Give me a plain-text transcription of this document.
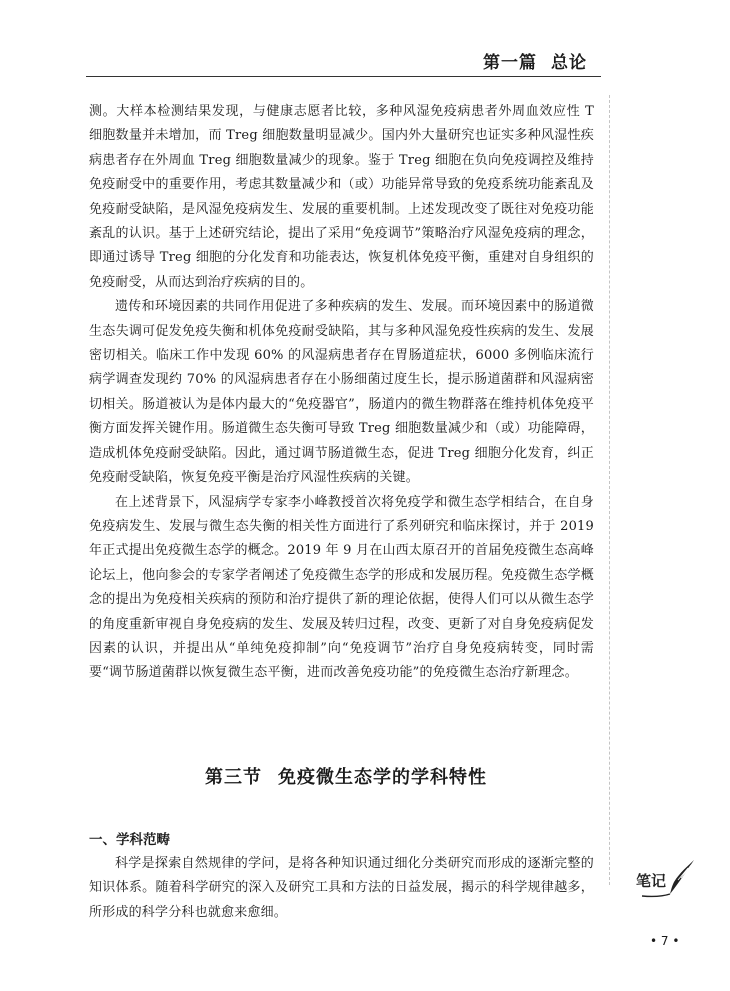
第一篇 总论

测。大样本检测结果发现，与健康志愿者比较，多种风湿免疫病患者外周血效应性 T 细胞数量并未增加，而 Treg 细胞数量明显减少。国内外大量研究也证实多种风湿性疾病患者存在外周血 Treg 细胞数量减少的现象。鉴于 Treg 细胞在负向免疫调控及维持免疫耐受中的重要作用，考虑其数量减少和（或）功能异常导致的免疫系统功能紊乱及免疫耐受缺陷，是风湿免疫病发生、发展的重要机制。上述发现改变了既往对免疫功能紊乱的认识。基于上述研究结论，提出了采用“免疫调节”策略治疗风湿免疫病的理念，即通过诱导 Treg 细胞的分化发育和功能表达，恢复机体免疫平衡，重建对自身组织的免疫耐受，从而达到治疗疾病的目的。

遗传和环境因素的共同作用促进了多种疾病的发生、发展。而环境因素中的肠道微生态失调可促发免疫失衡和机体免疫耐受缺陷，其与多种风湿免疫性疾病的发生、发展密切相关。临床工作中发现 60% 的风湿病患者存在胃肠道症状，6000 多例临床流行病学调查发现约 70% 的风湿病患者存在小肠细菌过度生长，提示肠道菌群和风湿病密切相关。肠道被认为是体内最大的“免疫器官”，肠道内的微生物群落在维持机体免疫平衡方面发挥关键作用。肠道微生态失衡可导致 Treg 细胞数量减少和（或）功能障碍，造成机体免疫耐受缺陷。因此，通过调节肠道微生态，促进 Treg 细胞分化发育，纠正免疫耐受缺陷，恢复免疫平衡是治疗风湿性疾病的关键。

在上述背景下，风湿病学专家李小峰教授首次将免疫学和微生态学相结合，在自身免疫病发生、发展与微生态失衡的相关性方面进行了系列研究和临床探讨，并于 2019 年正式提出免疫微生态学的概念。2019 年 9 月在山西太原召开的首届免疫微生态高峰论坛上，他向参会的专家学者阐述了免疫微生态学的形成和发展历程。免疫微生态学概念的提出为免疫相关疾病的预防和治疗提供了新的理论依据，使得人们可以从微生态学的角度重新审视自身免疫病的发生、发展及转归过程，改变、更新了对自身免疫病促发因素的认识，并提出从“单纯免疫抑制”向“免疫调节”治疗自身免疫病转变，同时需要“调节肠道菌群以恢复微生态平衡，进而改善免疫功能”的免疫微生态治疗新理念。

第三节 免疫微生态学的学科特性
一、学科范畴

科学是探索自然规律的学问，是将各种知识通过细化分类研究而形成的逐渐完整的知识体系。随着科学研究的深入及研究工具和方法的日益发展，揭示的科学规律越多，所形成的科学分科也就愈来愈细。

笔记
• 7 •
